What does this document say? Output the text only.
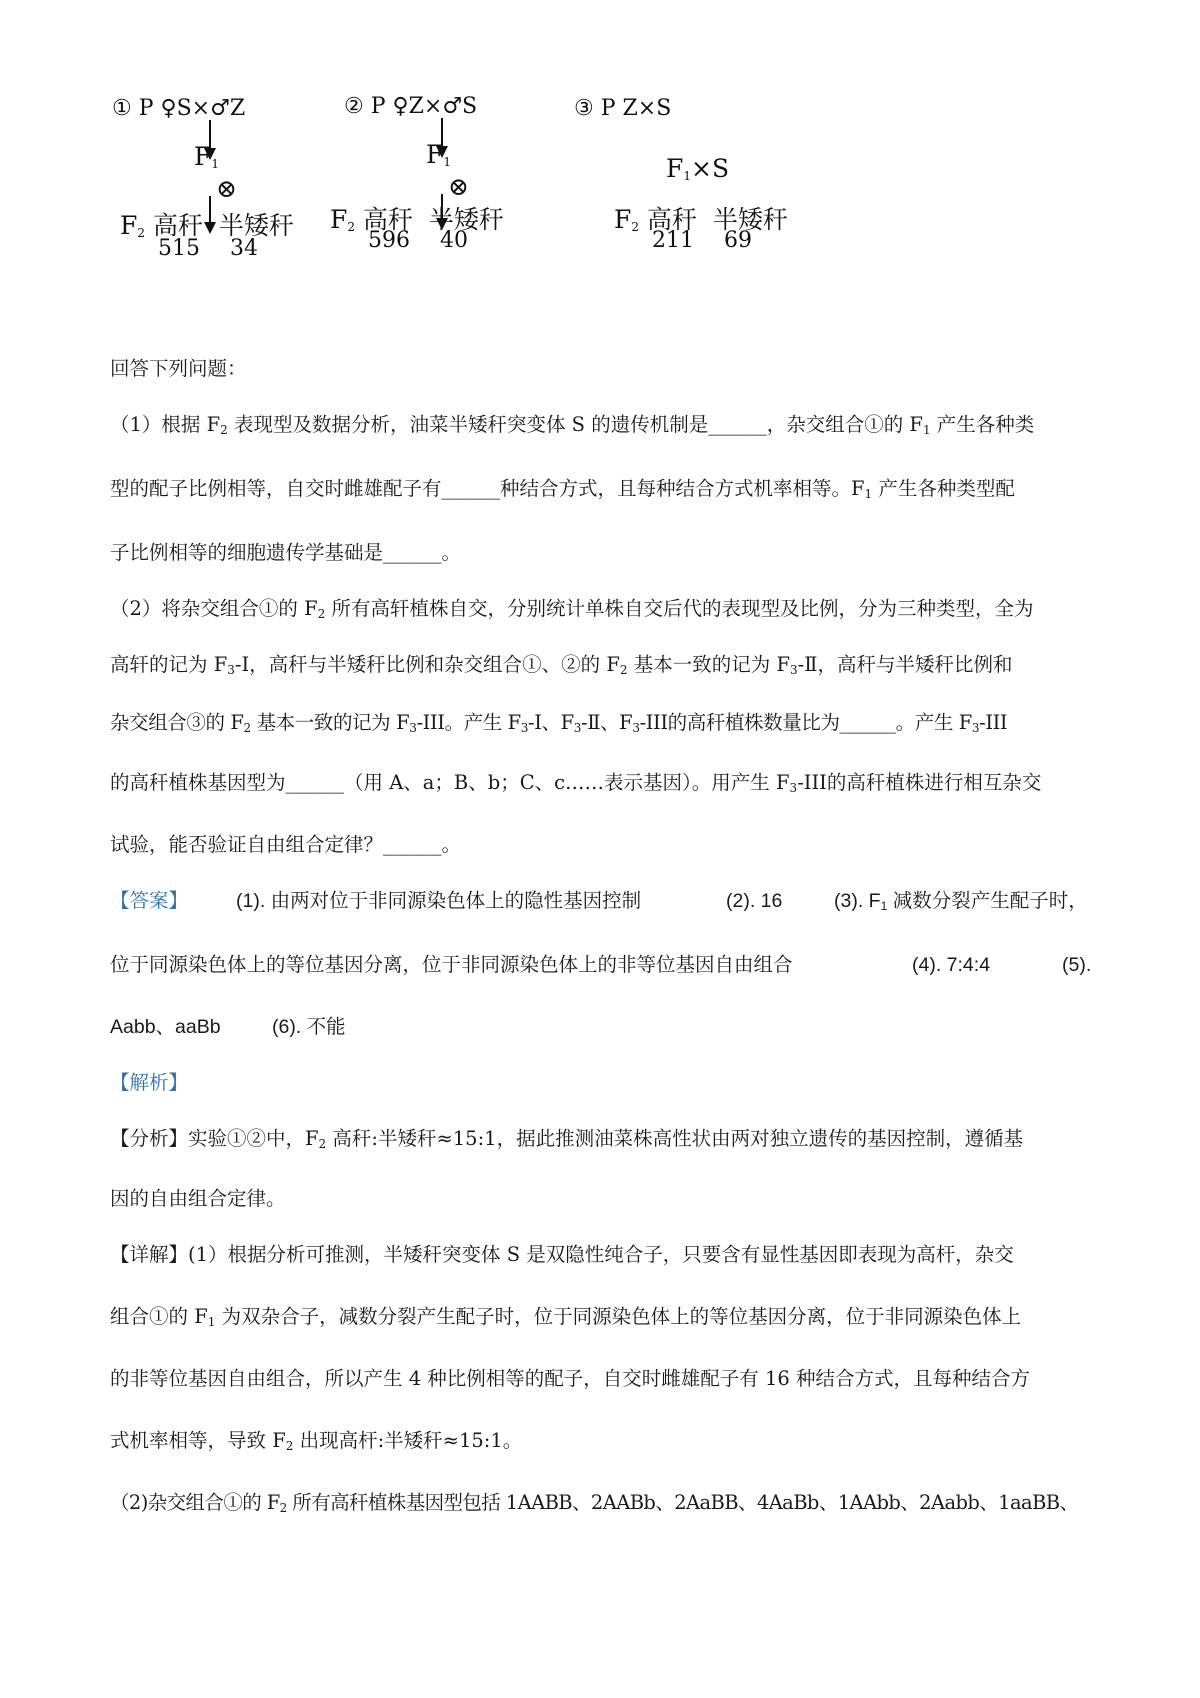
① P ♀S×♂Z
$F_1$
⊗
$F_2$ 高秆 半矮秆
515 34
② P ♀Z×♂S
$F_1$
⊗
$F_2$ 高秆 半矮秆
596 40
③ P Z×S
$F_1\times S$
$F_2$ 高秆 半矮秆
211 69
回答下列问题：
（1）根据 $F_2$ 表现型及数据分析，油菜半矮秆突变体 S 的遗传机制是______，杂交组合①的 $F_1$ 产生各种类
型的配子比例相等，自交时雌雄配子有______种结合方式，且每种结合方式机率相等。$F_1$ 产生各种类型配
子比例相等的细胞遗传学基础是______。
（2）将杂交组合①的 $F_2$ 所有高轩植株自交，分别统计单株自交后代的表现型及比例，分为三种类型，全为
高轩的记为 $F_3-Ⅰ$，高秆与半矮秆比例和杂交组合①、②的 $F_2$ 基本一致的记为 $F_3-Ⅱ$，高秆与半矮秆比例和
杂交组合③的 $F_2$ 基本一致的记为 $F_3$-III。产生 $F_3-Ⅰ$、$F_3-Ⅱ$、$F_3$-III的高秆植株数量比为______。产生 $F_3$-III
的高秆植株基因型为______（用 A、a；B、b；C、c……表示基因）。用产生 $F_3$-III的高秆植株进行相互杂交
试验，能否验证自由组合定律？______。
【答案】 (1). 由两对位于非同源染色体上的隐性基因控制	(2). 16	(3). $F_1$ 减数分裂产生配子时，
位于同源染色体上的等位基因分离，位于非同源染色体上的非等位基因自由组合	(4). 7:4:4	(5).
Aabb、aaBb	(6). 不能
【解析】
【分析】实验①②中，$F_2$ 高秆:半矮秆≈15:1，据此推测油菜株高性状由两对独立遗传的基因控制，遵循基
因的自由组合定律。
【详解】(1）根据分析可推测，半矮秆突变体 S 是双隐性纯合子，只要含有显性基因即表现为高杆，杂交
组合①的 $F_1$ 为双杂合子，减数分裂产生配子时，位于同源染色体上的等位基因分离，位于非同源染色体上
的非等位基因自由组合，所以产生 4 种比例相等的配子，自交时雌雄配子有 16 种结合方式，且每种结合方
式机率相等，导致 $F_2$ 出现高杆:半矮秆≈15:1。
（2)杂交组合①的 $F_2$ 所有高秆植株基因型包括 1AABB、2AABb、2AaBB、4AaBb、1AAbb、2Aabb、1aaBB、
